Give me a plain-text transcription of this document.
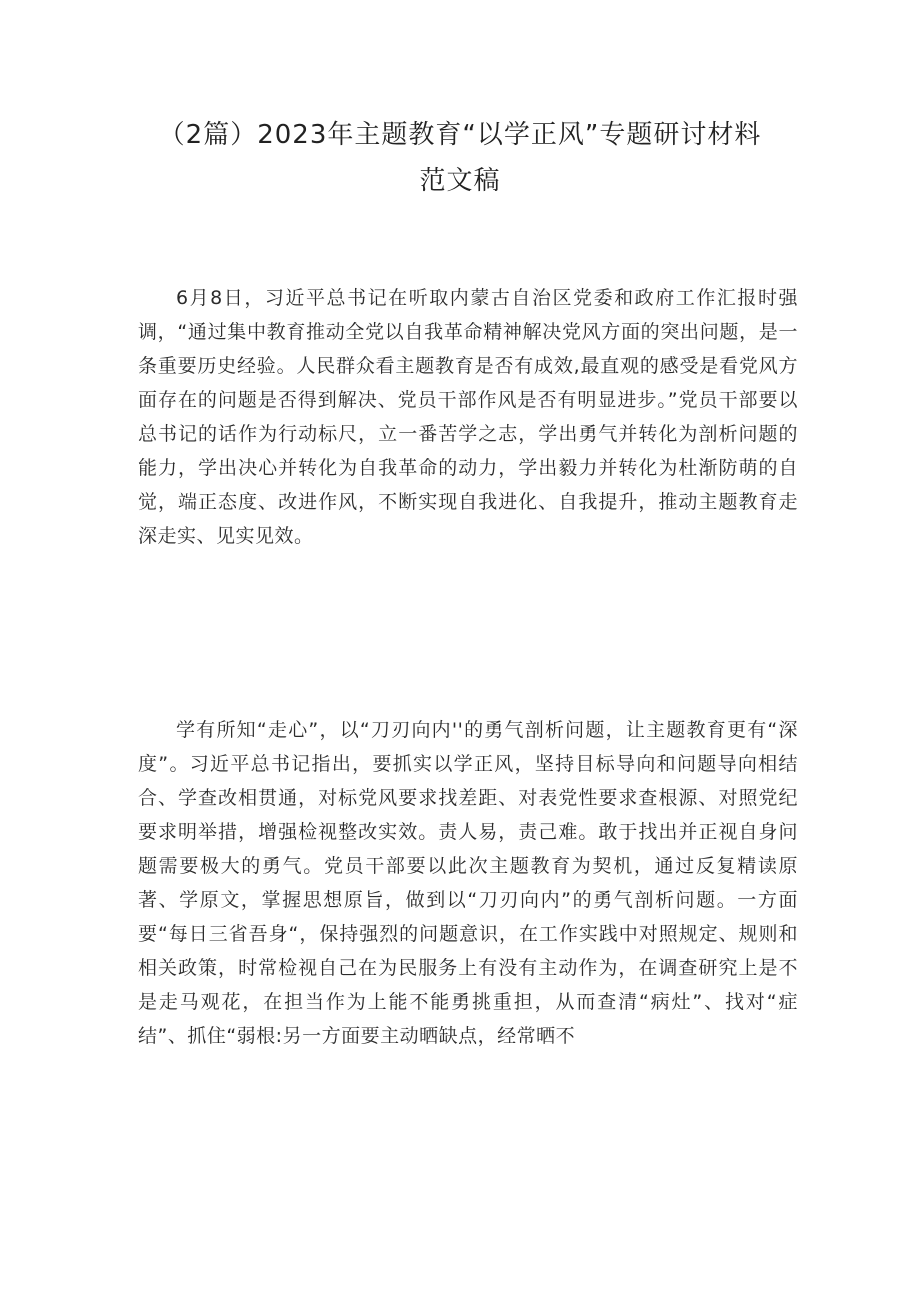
（2篇）2023年主题教育“以学正风”专题研讨材料
范文稿

6月8日，习近平总书记在听取内蒙古自治区党委和政府工作汇报时强调，“通过集中教育推动全党以自我革命精神解决党风方面的突出问题，是一条重要历史经验。人民群众看主题教育是否有成效,最直观的感受是看党风方面存在的问题是否得到解决、党员干部作风是否有明显进步。”党员干部要以总书记的话作为行动标尺，立一番苦学之志，学出勇气并转化为剖析问题的能力，学出决心并转化为自我革命的动力，学出毅力并转化为杜渐防萌的自觉，端正态度、改进作风，不断实现自我进化、自我提升，推动主题教育走深走实、见实见效。

学有所知“走心”，以“刀刃向内''的勇气剖析问题，让主题教育更有“深度”。习近平总书记指出，要抓实以学正风，坚持目标导向和问题导向相结合、学查改相贯通，对标党风要求找差距、对表党性要求查根源、对照党纪要求明举措，增强检视整改实效。责人易，责己难。敢于找出并正视自身问题需要极大的勇气。党员干部要以此次主题教育为契机，通过反复精读原著、学原文，掌握思想原旨，做到以“刀刃向内”的勇气剖析问题。一方面要“每日三省吾身“，保持强烈的问题意识，在工作实践中对照规定、规则和相关政策，时常检视自己在为民服务上有没有主动作为，在调查研究上是不是走马观花，在担当作为上能不能勇挑重担，从而查清“病灶”、找对“症结”、抓住“弱根:另一方面要主动晒缺点，经常晒不
